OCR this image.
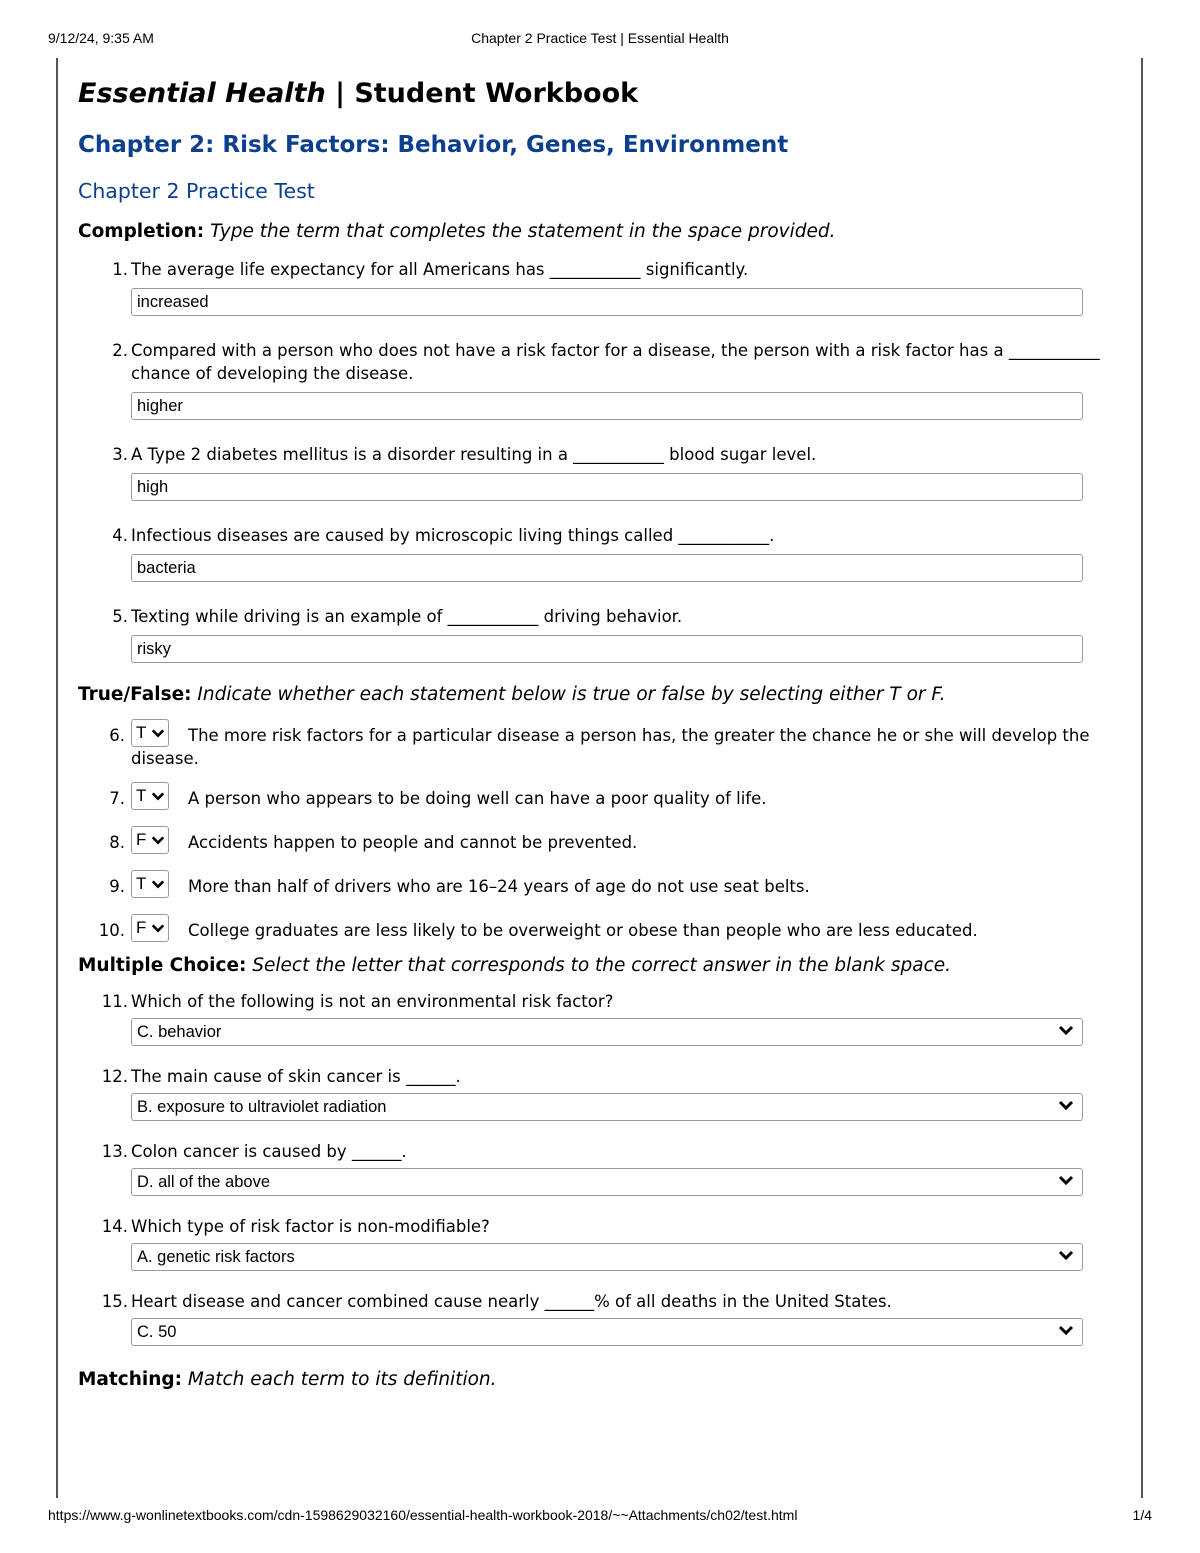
9/12/24, 9:35 AM	Chapter 2 Practice Test | Essential Health
Essential Health | Student Workbook
Chapter 2: Risk Factors: Behavior, Genes, Environment
Chapter 2 Practice Test
Completion: Type the term that completes the statement in the space provided.
1. The average life expectancy for all Americans has ___________ significantly.
increased
2. Compared with a person who does not have a risk factor for a disease, the person with a risk factor has a ___________ chance of developing the disease.
higher
3. A Type 2 diabetes mellitus is a disorder resulting in a ___________ blood sugar level.
high
4. Infectious diseases are caused by microscopic living things called ___________.
bacteria
5. Texting while driving is an example of ___________ driving behavior.
risky
True/False: Indicate whether each statement below is true or false by selecting either T or F.
6. T	The more risk factors for a particular disease a person has, the greater the chance he or she will develop the disease.
7. T	A person who appears to be doing well can have a poor quality of life.
8. F	Accidents happen to people and cannot be prevented.
9. T	More than half of drivers who are 16–24 years of age do not use seat belts.
10. F	College graduates are less likely to be overweight or obese than people who are less educated.
Multiple Choice: Select the letter that corresponds to the correct answer in the blank space.
11. Which of the following is not an environmental risk factor?
C. behavior
12. The main cause of skin cancer is ______.
B. exposure to ultraviolet radiation
13. Colon cancer is caused by ______.
D. all of the above
14. Which type of risk factor is non-modifiable?
A. genetic risk factors
15. Heart disease and cancer combined cause nearly ______% of all deaths in the United States.
C. 50
Matching: Match each term to its definition.
https://www.g-wonlinetextbooks.com/cdn-1598629032160/essential-health-workbook-2018/~~Attachments/ch02/test.html	1/4
